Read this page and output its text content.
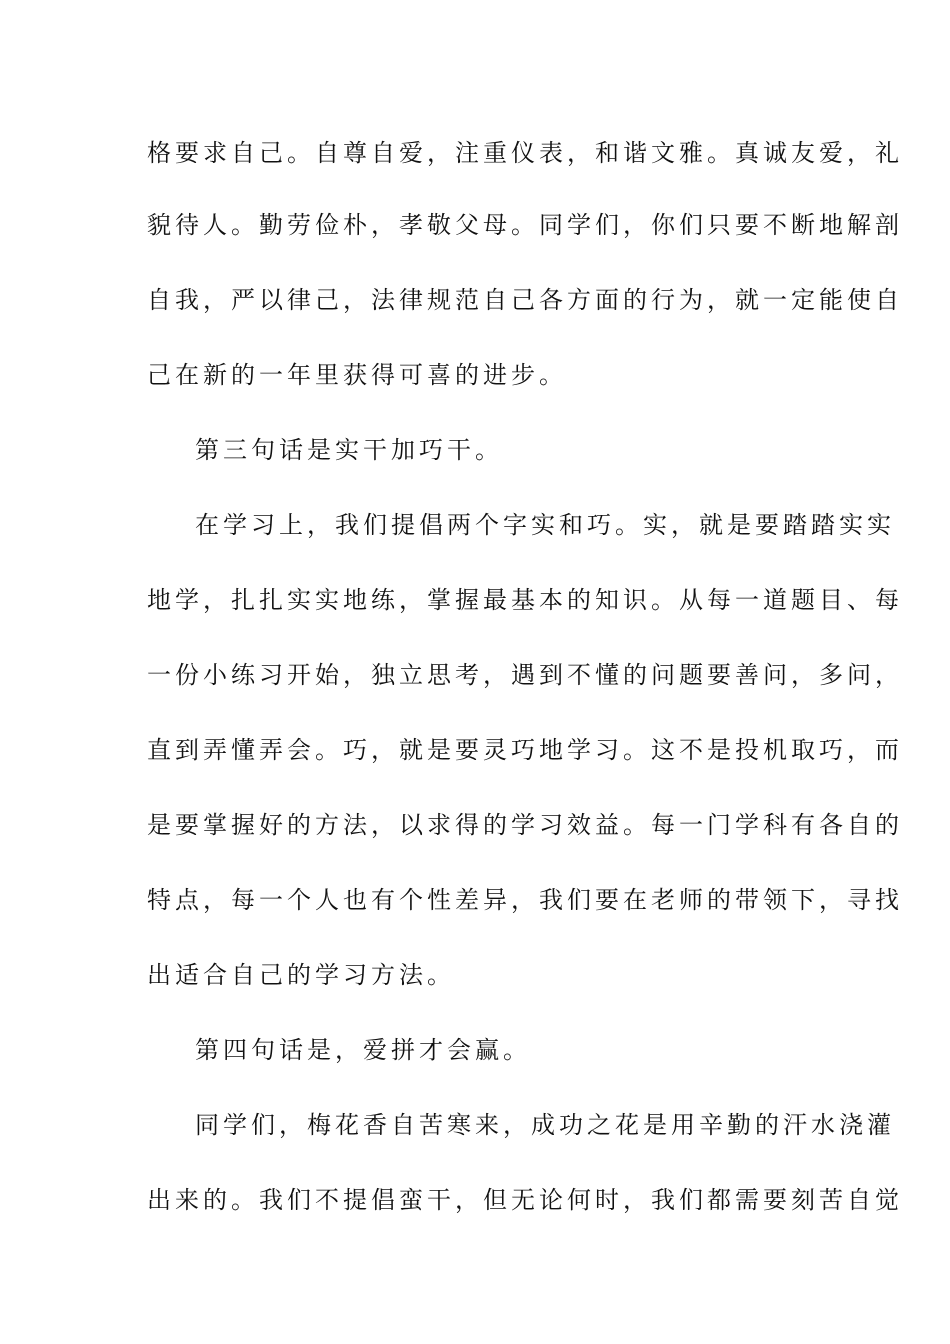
格要求自己。自尊自爱，注重仪表，和谐文雅。真诚友爱，礼
貌待人。勤劳俭朴，孝敬父母。同学们，你们只要不断地解剖
自我，严以律己，法律规范自己各方面的行为，就一定能使自
己在新的一年里获得可喜的进步。
第三句话是实干加巧干。
在学习上，我们提倡两个字实和巧。实，就是要踏踏实实
地学，扎扎实实地练，掌握最基本的知识。从每一道题目、每
一份小练习开始，独立思考，遇到不懂的问题要善问，多问，
直到弄懂弄会。巧，就是要灵巧地学习。这不是投机取巧，而
是要掌握好的方法，以求得的学习效益。每一门学科有各自的
特点，每一个人也有个性差异，我们要在老师的带领下，寻找
出适合自己的学习方法。
第四句话是，爱拼才会赢。
同学们，梅花香自苦寒来，成功之花是用辛勤的汗水浇灌
出来的。我们不提倡蛮干，但无论何时，我们都需要刻苦自觉
